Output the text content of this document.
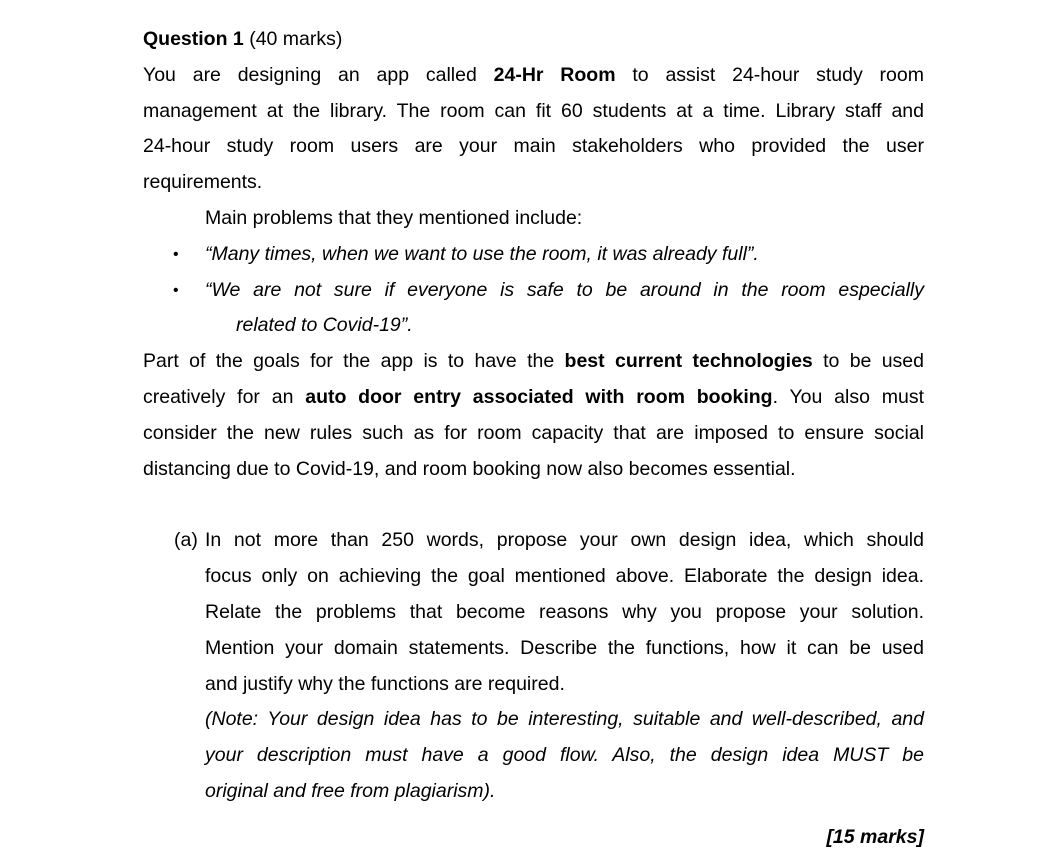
Question 1 (40 marks)
You are designing an app called 24-Hr Room to assist 24-hour study room
management at the library. The room can fit 60 students at a time. Library staff and
24-hour study room users are your main stakeholders who provided the user
requirements.
Main problems that they mentioned include:
• “Many times, when we want to use the room, it was already full”.
• “We are not sure if everyone is safe to be around in the room especially
related to Covid-19”.
Part of the goals for the app is to have the best current technologies to be used
creatively for an auto door entry associated with room booking. You also must
consider the new rules such as for room capacity that are imposed to ensure social
distancing due to Covid-19, and room booking now also becomes essential.
(a) In not more than 250 words, propose your own design idea, which should
focus only on achieving the goal mentioned above. Elaborate the design idea.
Relate the problems that become reasons why you propose your solution.
Mention your domain statements. Describe the functions, how it can be used
and justify why the functions are required.
(Note: Your design idea has to be interesting, suitable and well-described, and
your description must have a good flow. Also, the design idea MUST be
original and free from plagiarism).
[15 marks]
